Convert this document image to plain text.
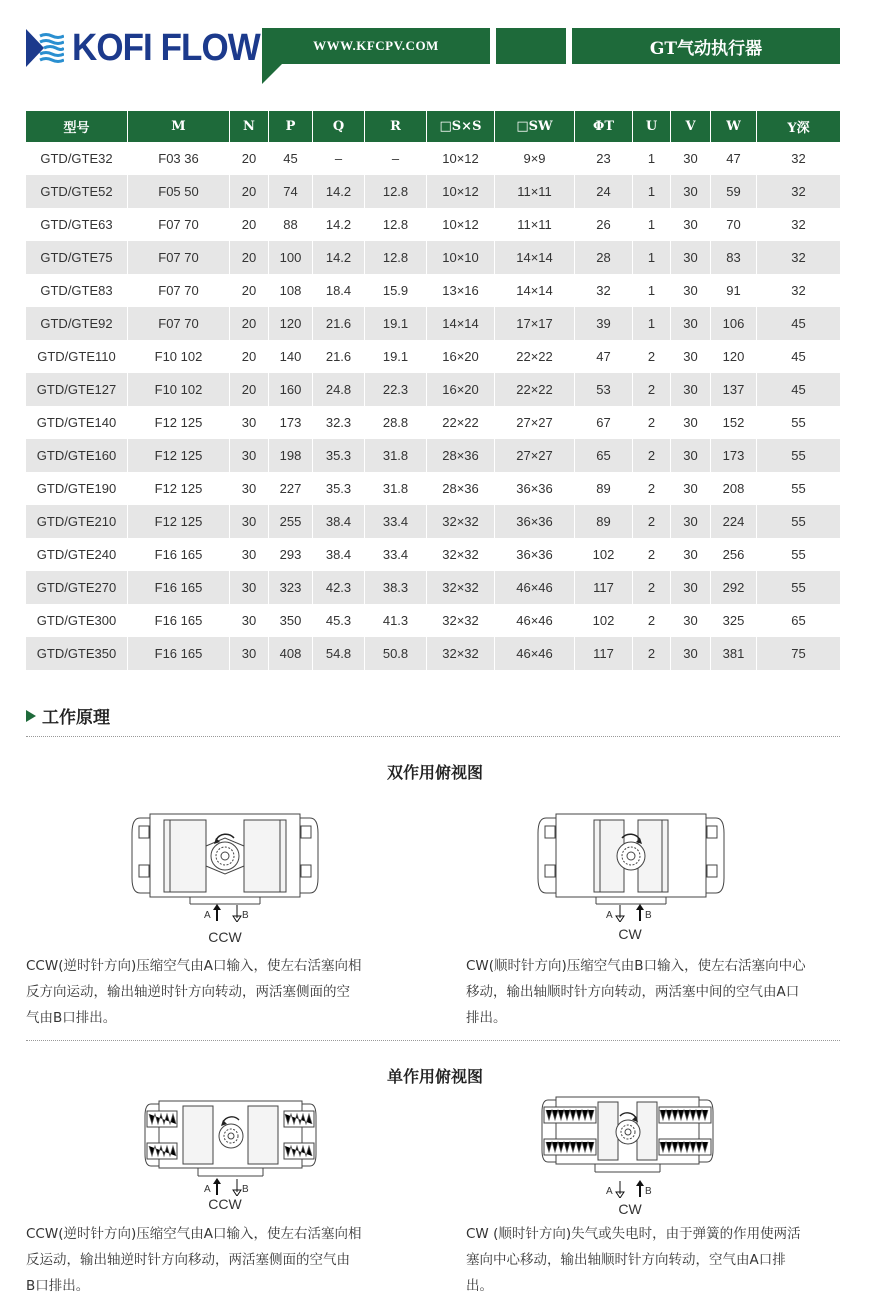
KOFI FLOW	WWW.KFCPV.COM	GT气动执行器
型号	M	N	P	Q	R	□S×S	□SW	ΦT	U	V	W	Y深
GTD/GTE32	F03 36	20	45	–	–	10×12	9×9	23	1	30	47	32
GTD/GTE52	F05 50	20	74	14.2	12.8	10×12	11×11	24	1	30	59	32
GTD/GTE63	F07 70	20	88	14.2	12.8	10×12	11×11	26	1	30	70	32
GTD/GTE75	F07 70	20	100	14.2	12.8	10×10	14×14	28	1	30	83	32
GTD/GTE83	F07 70	20	108	18.4	15.9	13×16	14×14	32	1	30	91	32
GTD/GTE92	F07 70	20	120	21.6	19.1	14×14	17×17	39	1	30	106	45
GTD/GTE110	F10 102	20	140	21.6	19.1	16×20	22×22	47	2	30	120	45
GTD/GTE127	F10 102	20	160	24.8	22.3	16×20	22×22	53	2	30	137	45
GTD/GTE140	F12 125	30	173	32.3	28.8	22×22	27×27	67	2	30	152	55
GTD/GTE160	F12 125	30	198	35.3	31.8	28×36	27×27	65	2	30	173	55
GTD/GTE190	F12 125	30	227	35.3	31.8	28×36	36×36	89	2	30	208	55
GTD/GTE210	F12 125	30	255	38.4	33.4	32×32	36×36	89	2	30	224	55
GTD/GTE240	F16 165	30	293	38.4	33.4	32×32	36×36	102	2	30	256	55
GTD/GTE270	F16 165	30	323	42.3	38.3	32×32	46×46	117	2	30	292	55
GTD/GTE300	F16 165	30	350	45.3	41.3	32×32	46×46	102	2	30	325	65
GTD/GTE350	F16 165	30	408	54.8	50.8	32×32	46×46	117	2	30	381	75
工作原理
双作用俯视图
A	B
CCW
A	B
CW
CCW(逆时针方向)压缩空气由A口输入，使左右活塞向相
反方向运动，输出轴逆时针方向转动，两活塞侧面的空
气由B口排出。
CW(顺时针方向)压缩空气由B口输入，使左右活塞向中心
移动，输出轴顺时针方向转动，两活塞中间的空气由A口
排出。
单作用俯视图
A	B
CCW
A	B
CW
CCW(逆时针方向)压缩空气由A口输入，使左右活塞向相
反运动，输出轴逆时针方向移动，两活塞侧面的空气由
B口排出。
CW (顺时针方向)失气或失电时，由于弹簧的作用使两活
塞向中心移动，输出轴顺时针方向转动，空气由A口排
出。
